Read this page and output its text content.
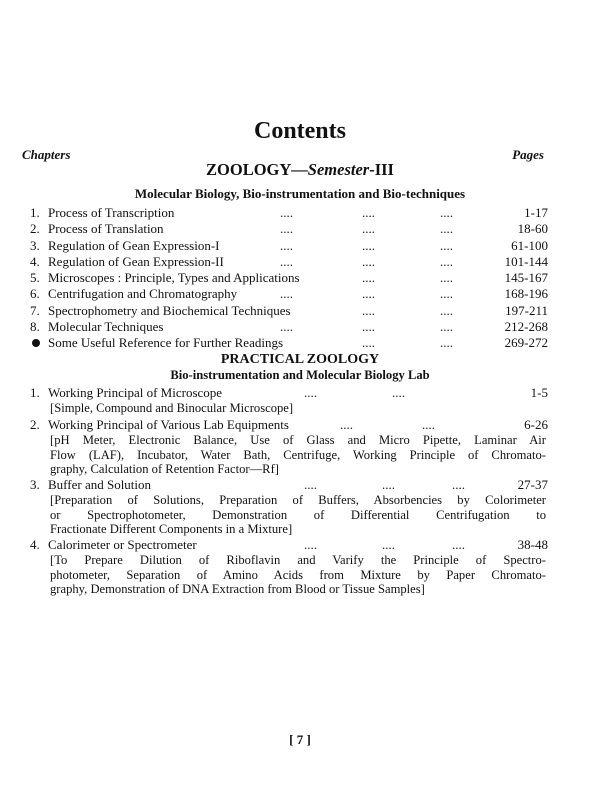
Contents
Chapters	Pages
ZOOLOGY—Semester-III
Molecular Biology, Bio-instrumentation and Bio-techniques
1. Process of Transcription	....	....	....	1-17
2. Process of Translation	....	....	....	18-60
3. Regulation of Gean Expression-I	....	....	....	61-100
4. Regulation of Gean Expression-II	....	....	....	101-144
5. Microscopes : Principle, Types and Applications	....	....	145-167
6. Centrifugation and Chromatography	....	....	....	168-196
7. Spectrophometry and Biochemical Techniques	....	....	197-211
8. Molecular Techniques	....	....	....	212-268
Some Useful Reference for Further Readings	....	....	269-272
PRACTICAL ZOOLOGY
Bio-instrumentation and Molecular Biology Lab
1. Working Principal of Microscope	....	....	1-5
[Simple, Compound and Binocular Microscope]
2. Working Principal of Various Lab Equipments	....	....	6-26
[pH Meter, Electronic Balance, Use of Glass and Micro Pipette, Laminar Air
Flow (LAF), Incubator, Water Bath, Centrifuge, Working Principle of Chromato-
graphy, Calculation of Retention Factor—Rf]
3. Buffer and Solution	....	....	....	27-37
[Preparation of Solutions, Preparation of Buffers, Absorbencies by Colorimeter
or Spectrophotometer, Demonstration of Differential Centrifugation to
Fractionate Different Components in a Mixture]
4. Calorimeter or Spectrometer	....	....	....	38-48
[To Prepare Dilution of Riboflavin and Varify the Principle of Spectro-
photometer, Separation of Amino Acids from Mixture by Paper Chromato-
graphy, Demonstration of DNA Extraction from Blood or Tissue Samples]
[ 7 ]
